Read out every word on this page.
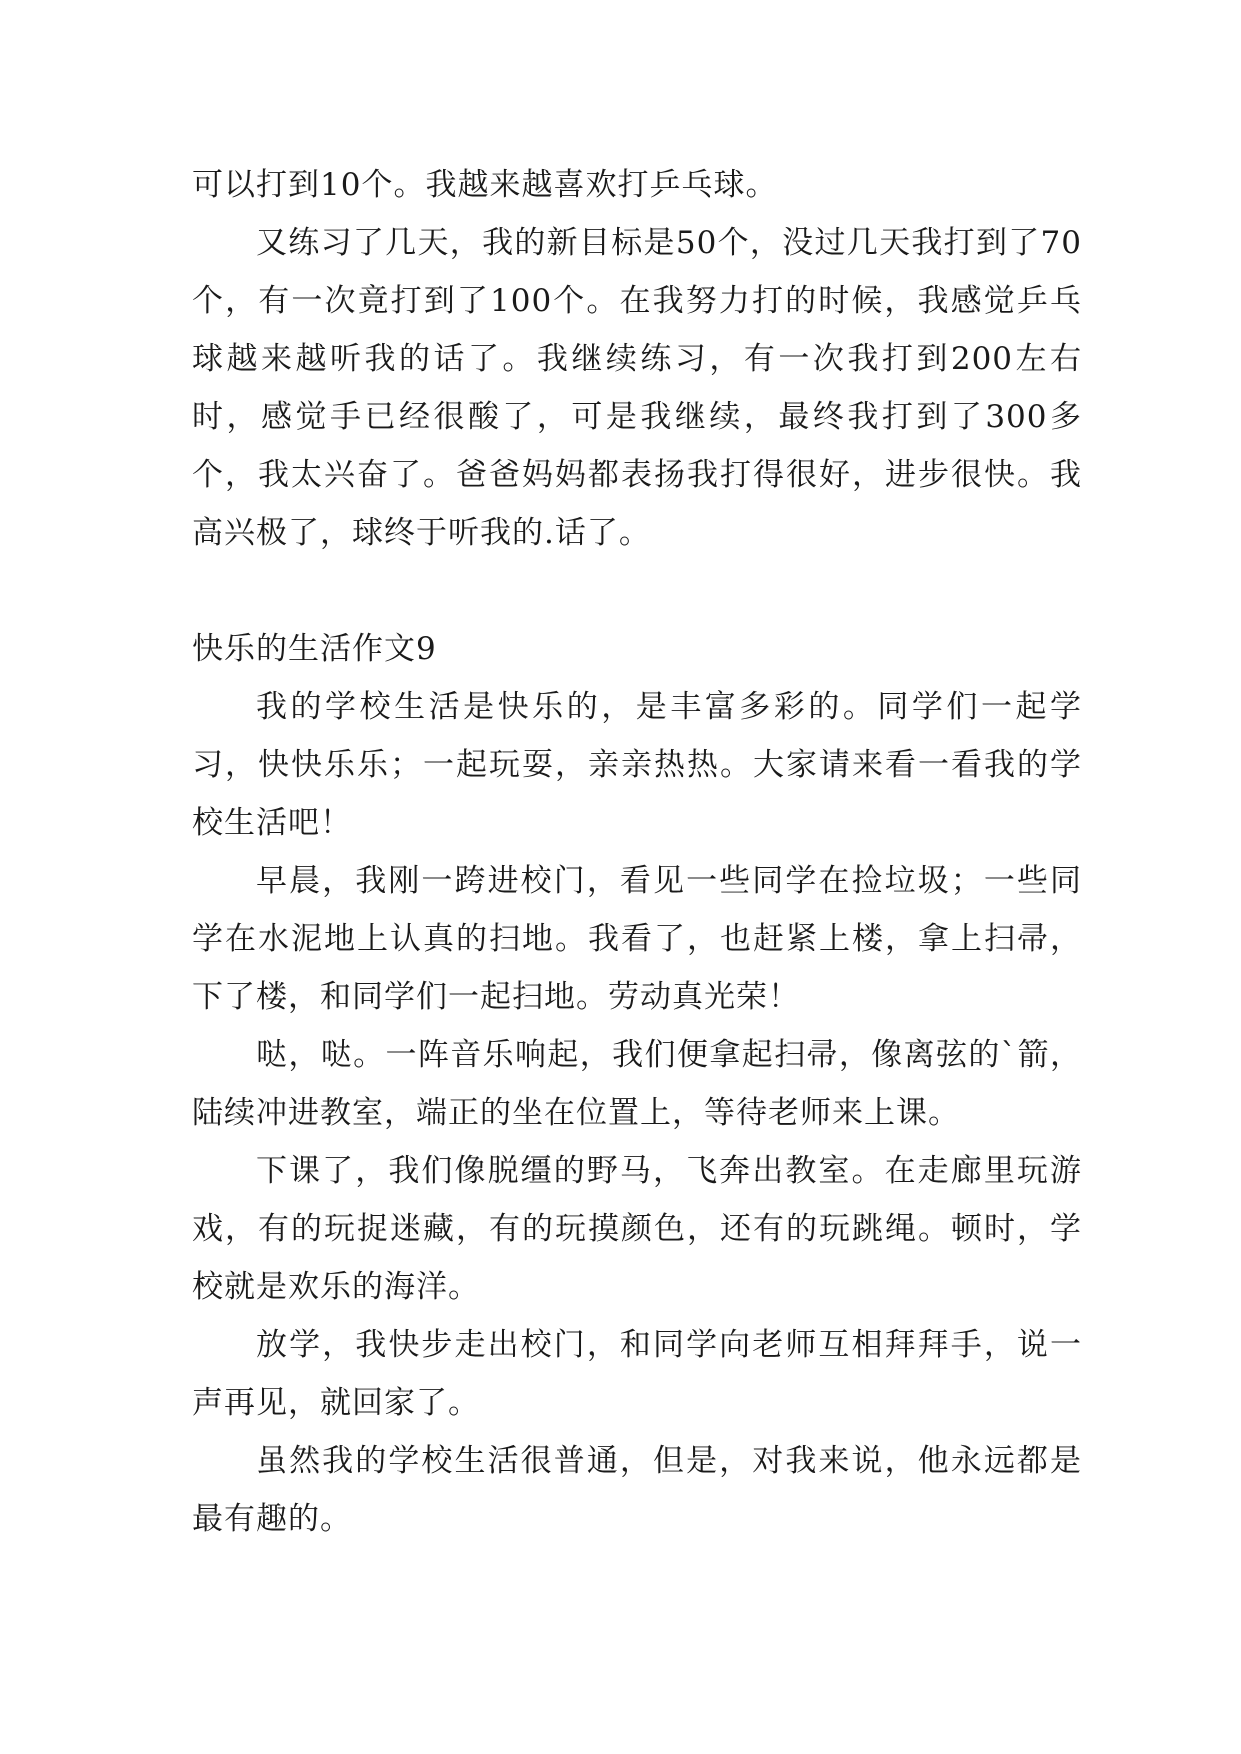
可以打到10个。我越来越喜欢打乒乓球。

又练习了几天，我的新目标是50个，没过几天我打到了70个，有一次竟打到了100个。在我努力打的时候，我感觉乒乓球越来越听我的话了。我继续练习，有一次我打到200左右时，感觉手已经很酸了，可是我继续，最终我打到了300多个，我太兴奋了。爸爸妈妈都表扬我打得很好，进步很快。我高兴极了，球终于听我的.话了。

快乐的生活作文9

我的学校生活是快乐的，是丰富多彩的。同学们一起学习，快快乐乐；一起玩耍，亲亲热热。大家请来看一看我的学校生活吧！

早晨，我刚一跨进校门，看见一些同学在捡垃圾；一些同学在水泥地上认真的扫地。我看了，也赶紧上楼，拿上扫帚，下了楼，和同学们一起扫地。劳动真光荣！

哒，哒。一阵音乐响起，我们便拿起扫帚，像离弦的`箭，陆续冲进教室，端正的坐在位置上，等待老师来上课。

下课了，我们像脱缰的野马，飞奔出教室。在走廊里玩游戏，有的玩捉迷藏，有的玩摸颜色，还有的玩跳绳。顿时，学校就是欢乐的海洋。

放学，我快步走出校门，和同学向老师互相拜拜手，说一声再见，就回家了。

虽然我的学校生活很普通，但是，对我来说，他永远都是最有趣的。
